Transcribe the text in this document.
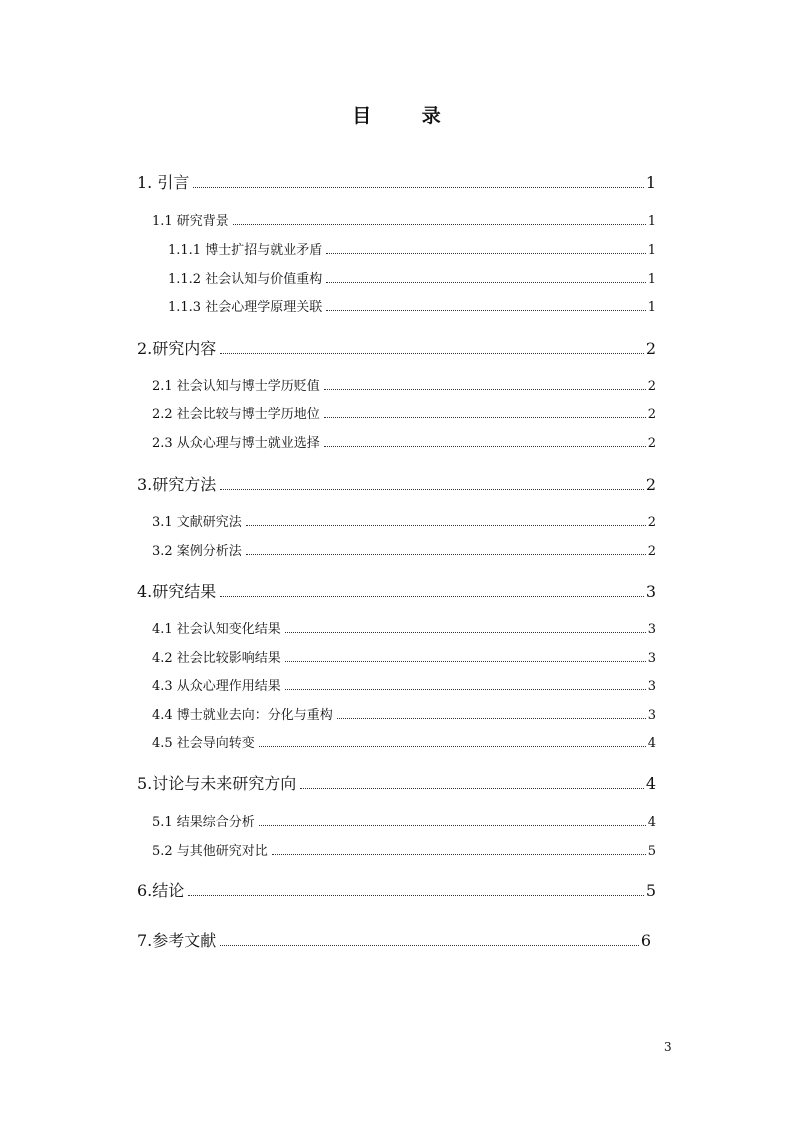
目 录
1. 引言	1
1.1 研究背景	1
1.1.1 博士扩招与就业矛盾	1
1.1.2 社会认知与价值重构	1
1.1.3 社会心理学原理关联	1
2.研究内容	2
2.1 社会认知与博士学历贬值	2
2.2 社会比较与博士学历地位	2
2.3 从众心理与博士就业选择	2
3.研究方法	2
3.1 文献研究法	2
3.2 案例分析法	2
4.研究结果	3
4.1 社会认知变化结果	3
4.2 社会比较影响结果	3
4.3 从众心理作用结果	3
4.4 博士就业去向：分化与重构	3
4.5 社会导向转变	4
5.讨论与未来研究方向	4
5.1 结果综合分析	4
5.2 与其他研究对比	5
6.结论	5
7.参考文献	6
3
